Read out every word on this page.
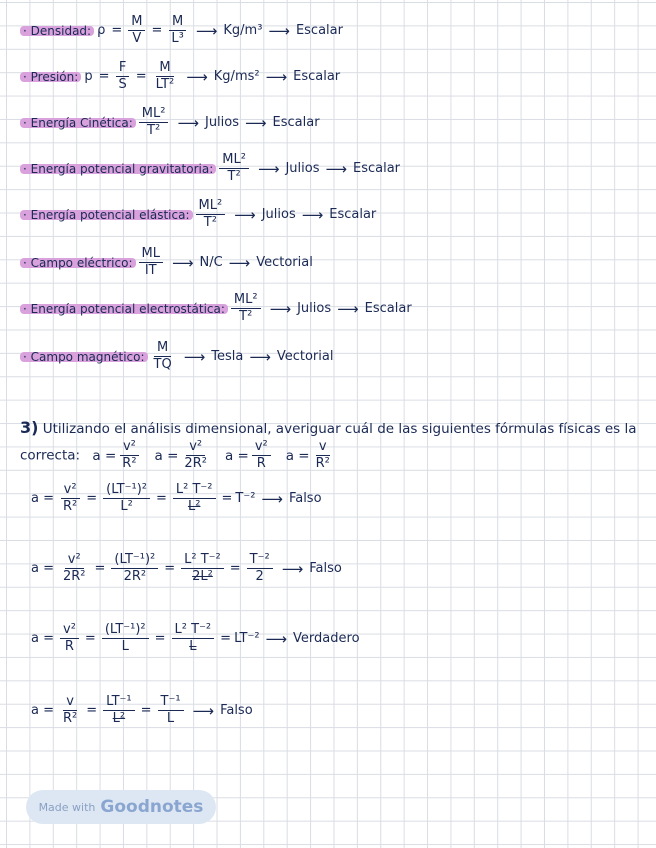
· Densidad: $\rho = \frac{M}{V} = \frac{M}{\text{L³}}$ ⟶ Kg/m³ ⟶ Escalar
· Presión: $p = \frac{F}{S} = \frac{M}{\text{LT²}}$ ⟶ Kg/ms² ⟶ Escalar
· Energía Cinética: $\frac{\text{ML²}}{\text{T²}}$ ⟶ Julios ⟶ Escalar
· Energía potencial gravitatoria: $\frac{\text{ML²}}{\text{T²}}$ ⟶ Julios ⟶ Escalar
· Energía potencial elástica: $\frac{\text{ML²}}{\text{T²}}$ ⟶ Julios ⟶ Escalar
· Campo eléctrico: $\frac{ML}{IT}$ ⟶ N/C ⟶ Vectorial
· Energía potencial electrostática: $\frac{\text{ML²}}{\text{T²}}$ ⟶ Julios ⟶ Escalar
· Campo magnético: $\frac{M}{TQ}$ ⟶ Tesla ⟶ Vectorial
3) Utilizando el análisis dimensional, averiguar cuál de las siguientes fórmulas físicas es la correcta: $a = \frac{\text{v²}}{\text{R²}}$ $a = \frac{\text{v²}}{\text{2R²}}$ $a = \frac{\text{v²}}{R}$ $a = \frac{v}{\text{R²}}$
$a = \frac{\text{v²}}{\text{R²}} = \frac{\text{(LT⁻¹)²}}{\text{L²}} = \frac{\text{L² T⁻²}}{\text{L²}} = T^{-2}$ ⟶ Falso
$a = \frac{\text{v²}}{\text{2R²}} = \frac{\text{(LT⁻¹)²}}{\text{2R²}} = \frac{\text{L² T⁻²}}{\text{2L²}} = \frac{\text{T⁻²}}{2}$ ⟶ Falso
$a = \frac{\text{v²}}{R} = \frac{\text{(LT⁻¹)²}}{L} = \frac{\text{L² T⁻²}}{L} = LT^{-2}$ ⟶ Verdadero
$a = \frac{v}{\text{R²}} = \frac{\text{LT⁻¹}}{\text{L²}} = \frac{\text{T⁻¹}}{L}$ ⟶ Falso
Made with Goodnotes
